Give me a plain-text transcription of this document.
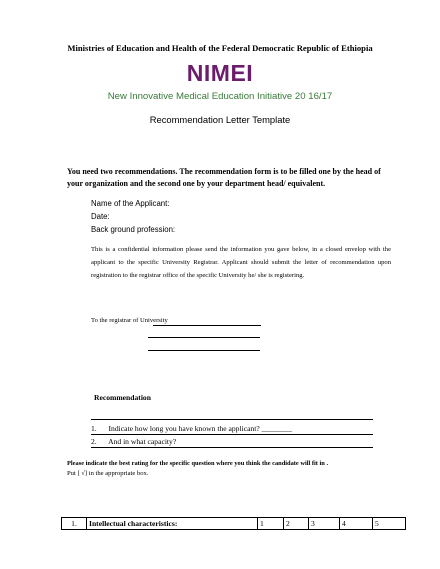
Ministries of Education and Health of the Federal Democratic Republic of Ethiopia
NIMEI
New Innovative Medical Education Initiative 20 16/17
Recommendation Letter Template
You need two recommendations. The recommendation form is to be filled one by the head of your organization and the second one by your department head/ equivalent.
Name of the Applicant:
Date:
Back ground profession:
This is a confidential information please send the information you gave below, in a closed envelop with the applicant to the specific University Registrar. Applicant should submit the letter of recommendation upon registration to the registrar office of the specific University he/ she is registering.
To the registrar of University
Recommendation
1. Indicate how long you have known the applicant? ________
2. And in what capacity?
Please indicate the best rating for the specific question where you think the candidate will fit in .
Put [ √] in the appropriate box.
1.	Intellectual characteristics:	1	2	3	4	5
